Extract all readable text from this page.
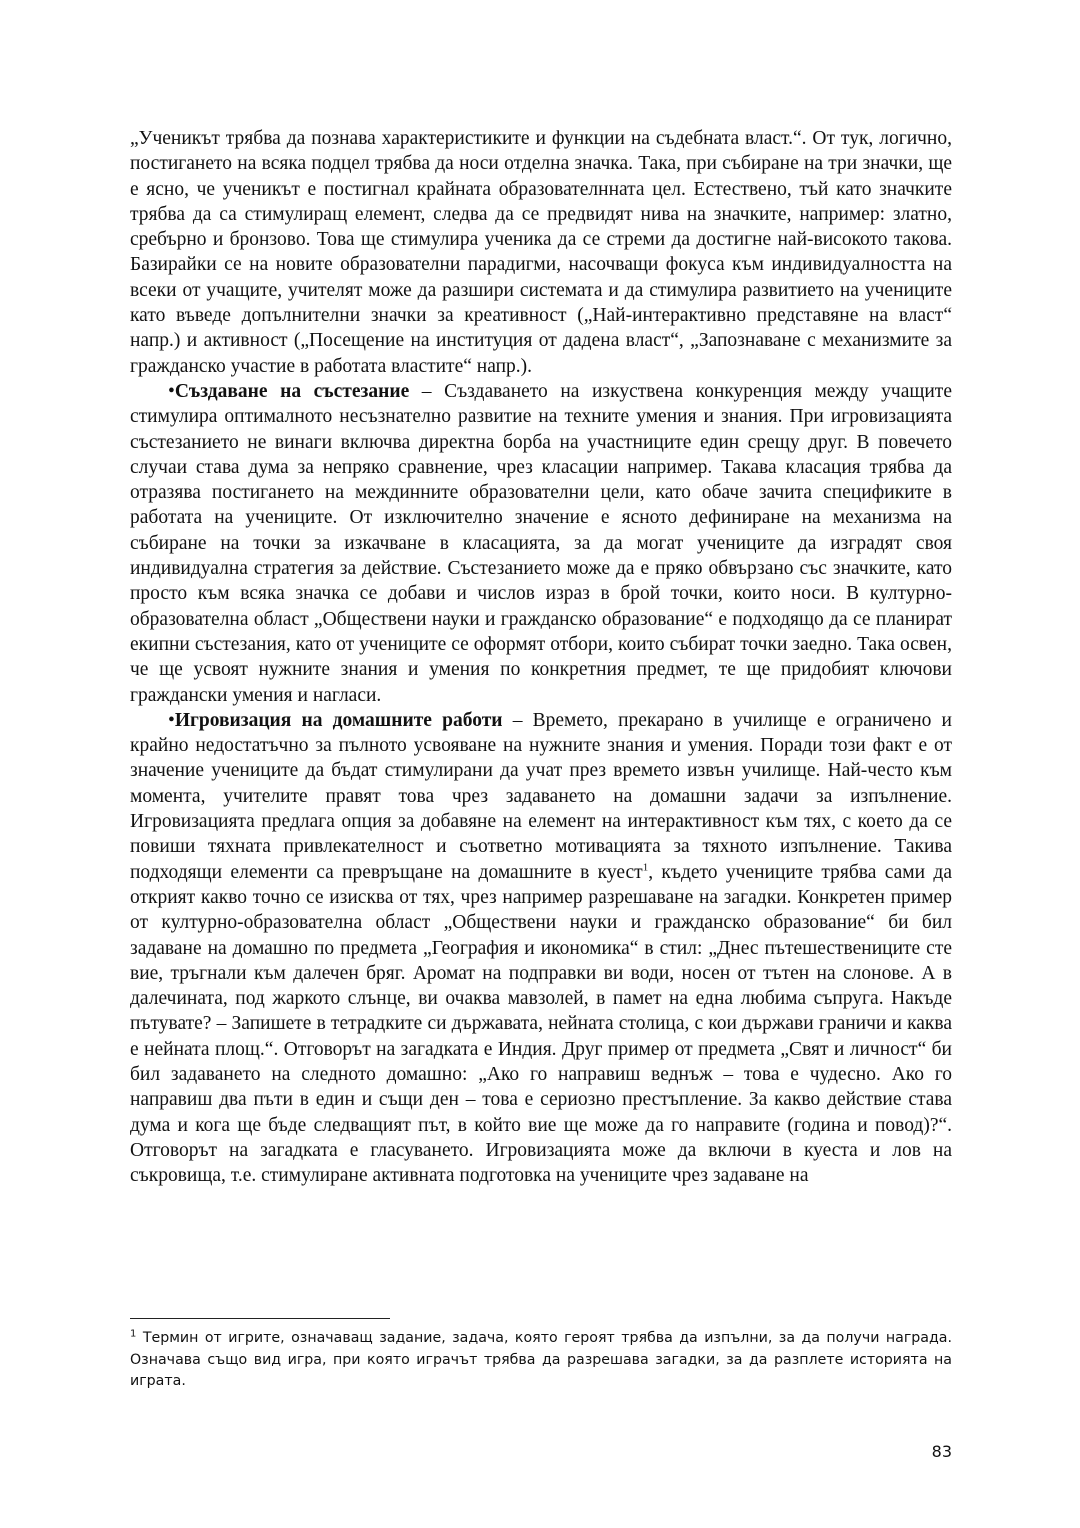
„Ученикът трябва да познава характеристиките и функции на съдебната власт.“. От тук, логично, постигането на всяка подцел трябва да носи отделна значка. Така, при събиране на три значки, ще е ясно, че ученикът е постигнал крайната образователнната цел. Естествено, тъй като значките трябва да са стимулиращ елемент, следва да се предвидят нива на значките, например: златно, сребърно и бронзово. Това ще стимулира ученика да се стреми да достигне най-високото такова. Базирайки се на новите образователни парадигми, насочващи фокуса към индивидуалността на всеки от учащите, учителят може да разшири системата и да стимулира развитието на учениците като въведе допълнителни значки за креативност („Най-интерактивно представяне на власт“ напр.) и активност („Посещение на институция от дадена власт“, „Запознаване с механизмите за гражданско участие в работата властите“ напр.).

•Създаване на състезание – Създаването на изкуствена конкуренция между учащите стимулира оптималното несъзнателно развитие на техните умения и знания. При игровизацията състезанието не винаги включва директна борба на участниците един срещу друг. В повечето случаи става дума за непряко сравнение, чрез класации например. Такава класация трябва да отразява постигането на междинните образователни цели, като обаче зачита спецификите в работата на учениците. От изключително значение е ясното дефиниране на механизма на събиране на точки за изкачване в класацията, за да могат учениците да изградят своя индивидуална стратегия за действие. Състезанието може да е пряко обвързано със значките, като просто към всяка значка се добави и числов израз в брой точки, които носи. В културно-образователна област „Обществени науки и гражданско образование“ е подходящо да се планират екипни състезания, като от учениците се оформят отбори, които събират точки заедно. Така освен, че ще усвоят нужните знания и умения по конкретния предмет, те ще придобият ключови граждански умения и нагласи.

•Игровизация на домашните работи – Времето, прекарано в училище е ограничено и крайно недостатъчно за пълното усвояване на нужните знания и умения. Поради този факт е от значение учениците да бъдат стимулирани да учат през времето извън училище. Най-често към момента, учителите правят това чрез задаването на домашни задачи за изпълнение. Игровизацията предлага опция за добавяне на елемент на интерактивност към тях, с което да се повиши тяхната привлекателност и съответно мотивацията за тяхното изпълнение. Такива подходящи елементи са превръщане на домашните в куест$^1$, където учениците трябва сами да открият какво точно се изисква от тях, чрез например разрешаване на загадки. Конкретен пример от културно-образователна област „Обществени науки и гражданско образование“ би бил задаване на домашно по предмета „География и икономика“ в стил: „Днес пътешествениците сте вие, тръгнали към далечен бряг. Аромат на подправки ви води, носен от тътен на слонове. А в далечината, под жаркото слънце, ви очаква мавзолей, в памет на една любима съпруга. Накъде пътувате? – Запишете в тетрадките си държавата, нейната столица, с кои държави граничи и каква е нейната площ.“. Отговорът на загадката е Индия. Друг пример от предмета „Свят и личност“ би бил задаването на следното домашно: „Ако го направиш веднъж – това е чудесно. Ако го направиш два пъти в един и същи ден – това е сериозно престъпление. За какво действие става дума и кога ще бъде следващият път, в който вие ще може да го направите (година и повод)?“. Отговорът на загадката е гласуването. Игровизацията може да включи в куеста и лов на съкровища, т.е. стимулиране активната подготовка на учениците чрез задаване на

$^1$ Термин от игрите, означаващ задание, задача, която героят трябва да изпълни, за да получи награда. Означава също вид игра, при която играчът трябва да разрешава загадки, за да разплете историята на играта.
83
